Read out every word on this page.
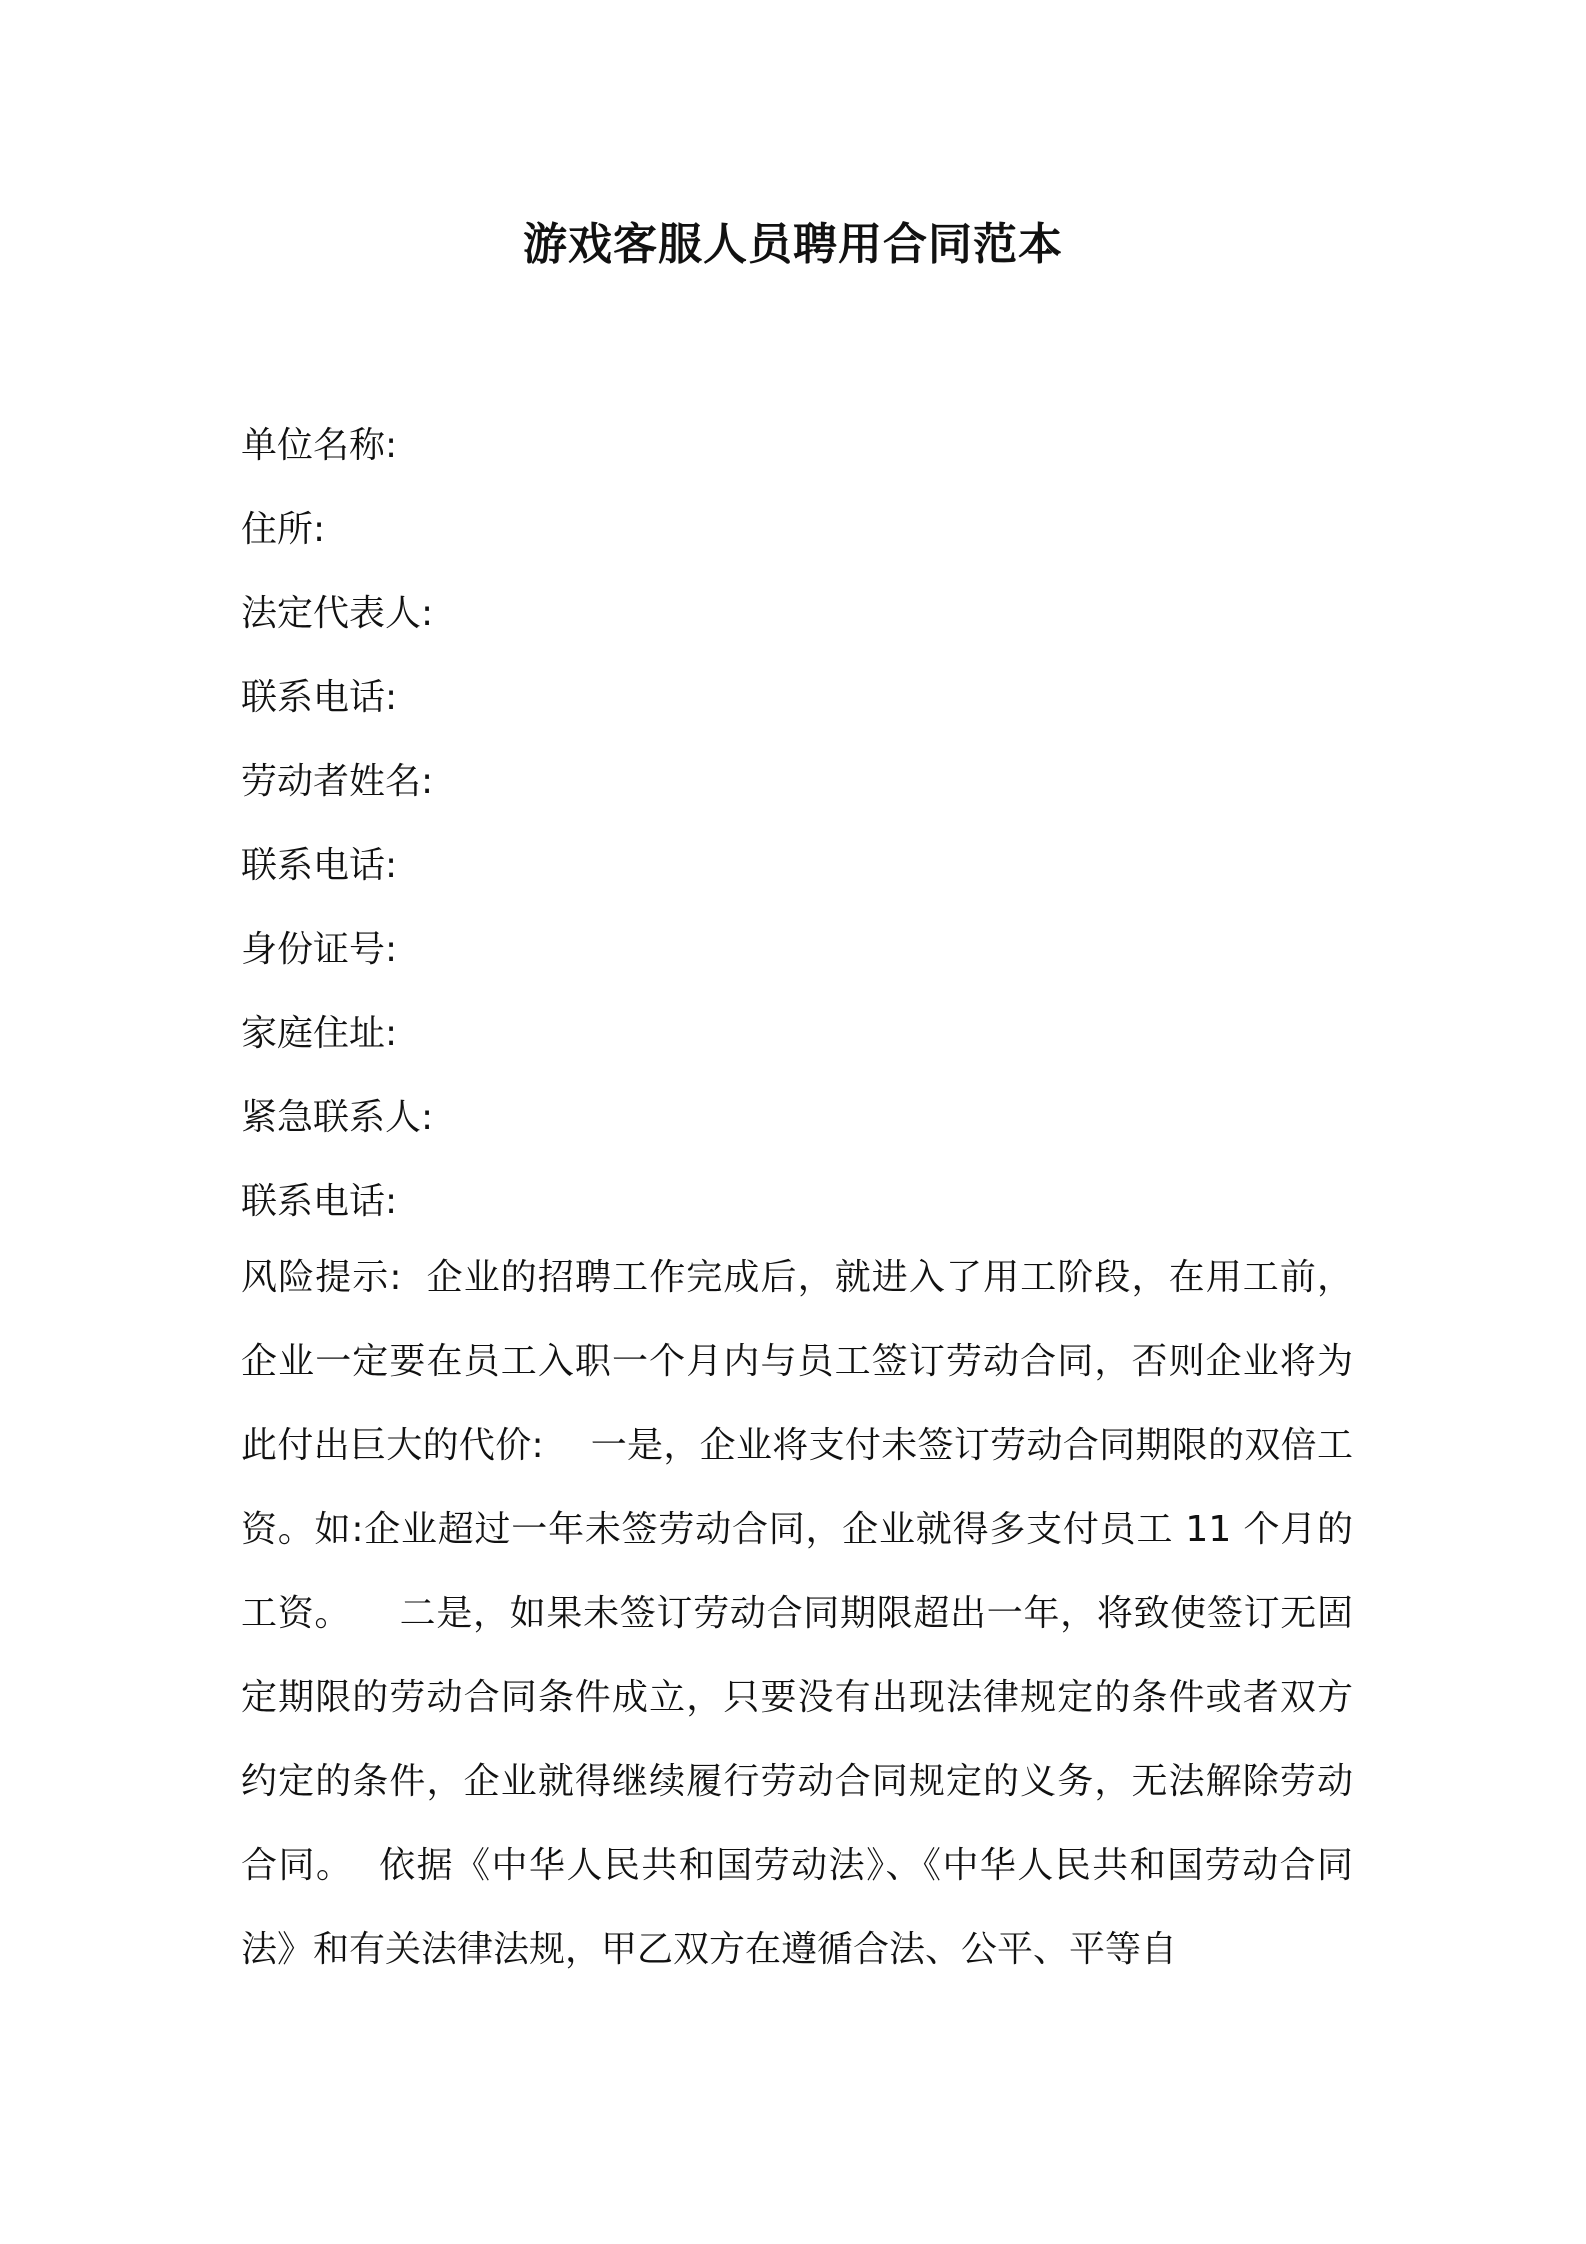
游戏客服人员聘用合同范本
单位名称:
住所:
法定代表人:
联系电话:
劳动者姓名:
联系电话:
身份证号:
家庭住址:
紧急联系人:
联系电话:
风险提示:  企业的招聘工作完成后，就进入了用工阶段，在用工前，企业一定要在员工入职一个月内与员工签订劳动合同，否则企业将为此付出巨大的代价:    一是，企业将支付未签订劳动合同期限的双倍工资。如:企业超过一年未签劳动合同，企业就得多支付员工 11 个月的工资。    二是，如果未签订劳动合同期限超出一年，将致使签订无固定期限的劳动合同条件成立，只要没有出现法律规定的条件或者双方约定的条件，企业就得继续履行劳动合同规定的义务，无法解除劳动合同。  依据《中华人民共和国劳动法》、《中华人民共和国劳动合同法》和有关法律法规，甲乙双方在遵循合法、公平、平等自
